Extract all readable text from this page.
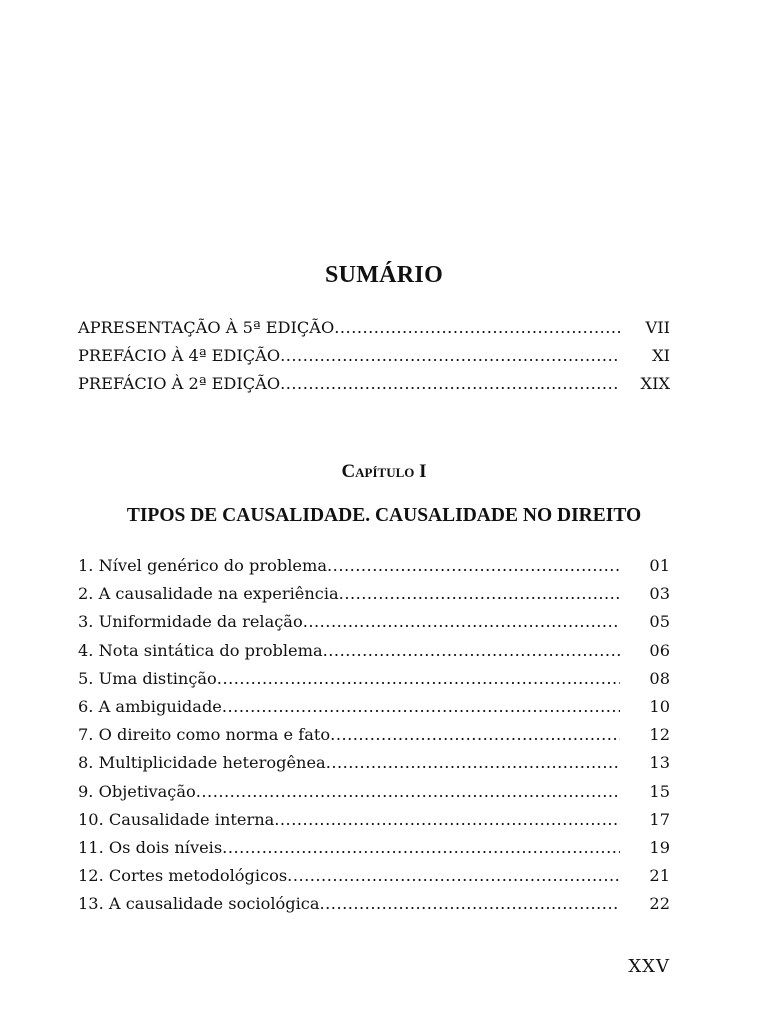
SUMÁRIO
APRESENTAÇÃO À 5ª EDIÇÃO .....	VII
PREFÁCIO À 4ª EDIÇÃO .....	XI
PREFÁCIO À 2ª EDIÇÃO .....	XIX
Capítulo I
TIPOS DE CAUSALIDADE. CAUSALIDADE NO DIREITO
1. Nível genérico do problema .....	01
2. A causalidade na experiência .....	03
3. Uniformidade da relação .....	05
4. Nota sintática do problema .....	06
5. Uma distinção .....	08
6. A ambiguidade .....	10
7. O direito como norma e fato .....	12
8. Multiplicidade heterogênea .....	13
9. Objetivação .....	15
10. Causalidade interna .....	17
11. Os dois níveis .....	19
12. Cortes metodológicos .....	21
13. A causalidade sociológica .....	22
XXV
